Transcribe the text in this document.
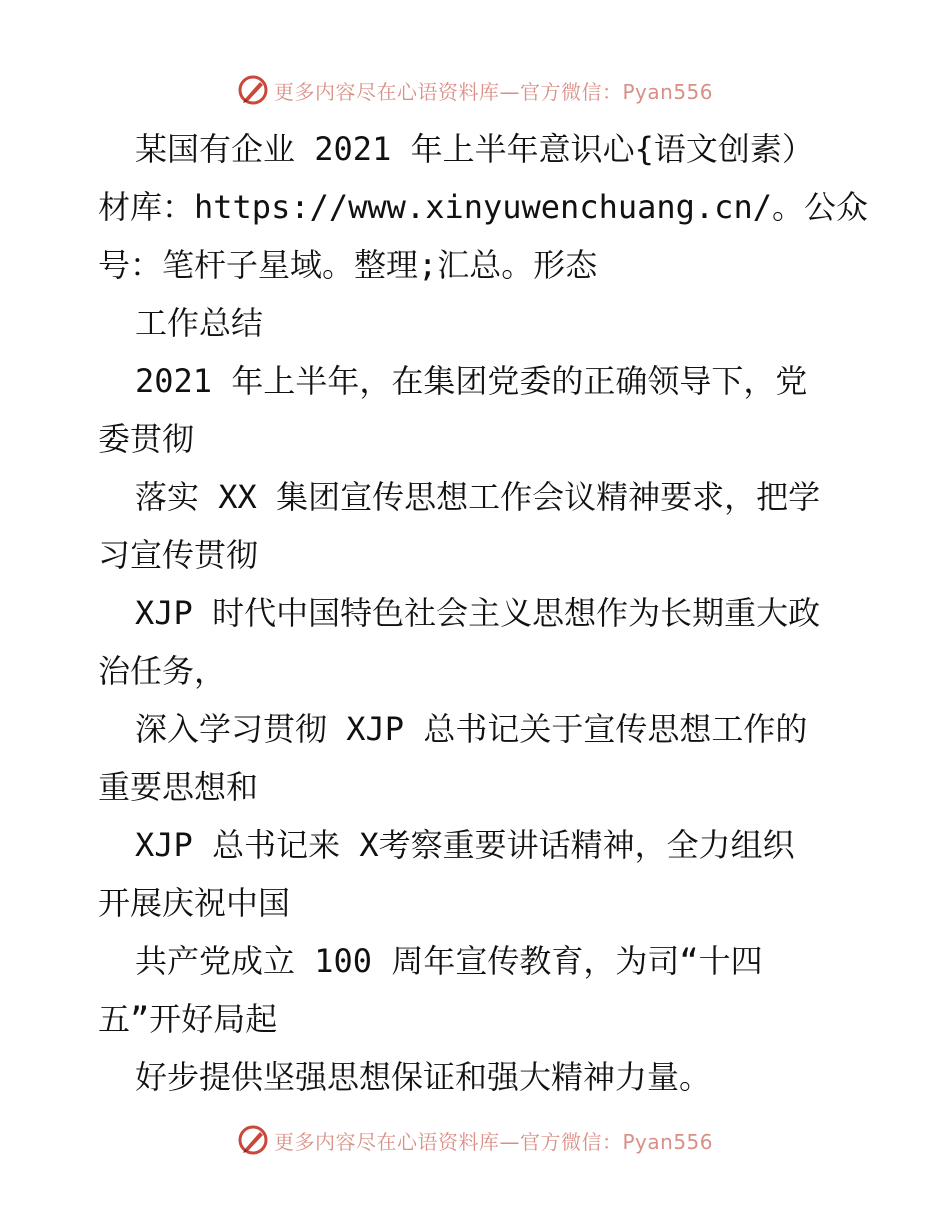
更多内容尽在心语资料库—官方微信：Pyan556
某国有企业 2021 年上半年意识心{语文创素）
材库：https://www.xinyuwenchuang.cn/。公众
号：笔杆子星域。整理;汇总。形态
工作总结
2021 年上半年，在集团党委的正确领导下，党
委贯彻
落实 XX 集团宣传思想工作会议精神要求，把学
习宣传贯彻
XJP 时代中国特色社会主义思想作为长期重大政
治任务，
深入学习贯彻 XJP 总书记关于宣传思想工作的
重要思想和
XJP 总书记来 X考察重要讲话精神，全力组织
开展庆祝中国
共产党成立 100 周年宣传教育，为司“十四
五”开好局起
好步提供坚强思想保证和强大精神力量。
更多内容尽在心语资料库—官方微信：Pyan556
